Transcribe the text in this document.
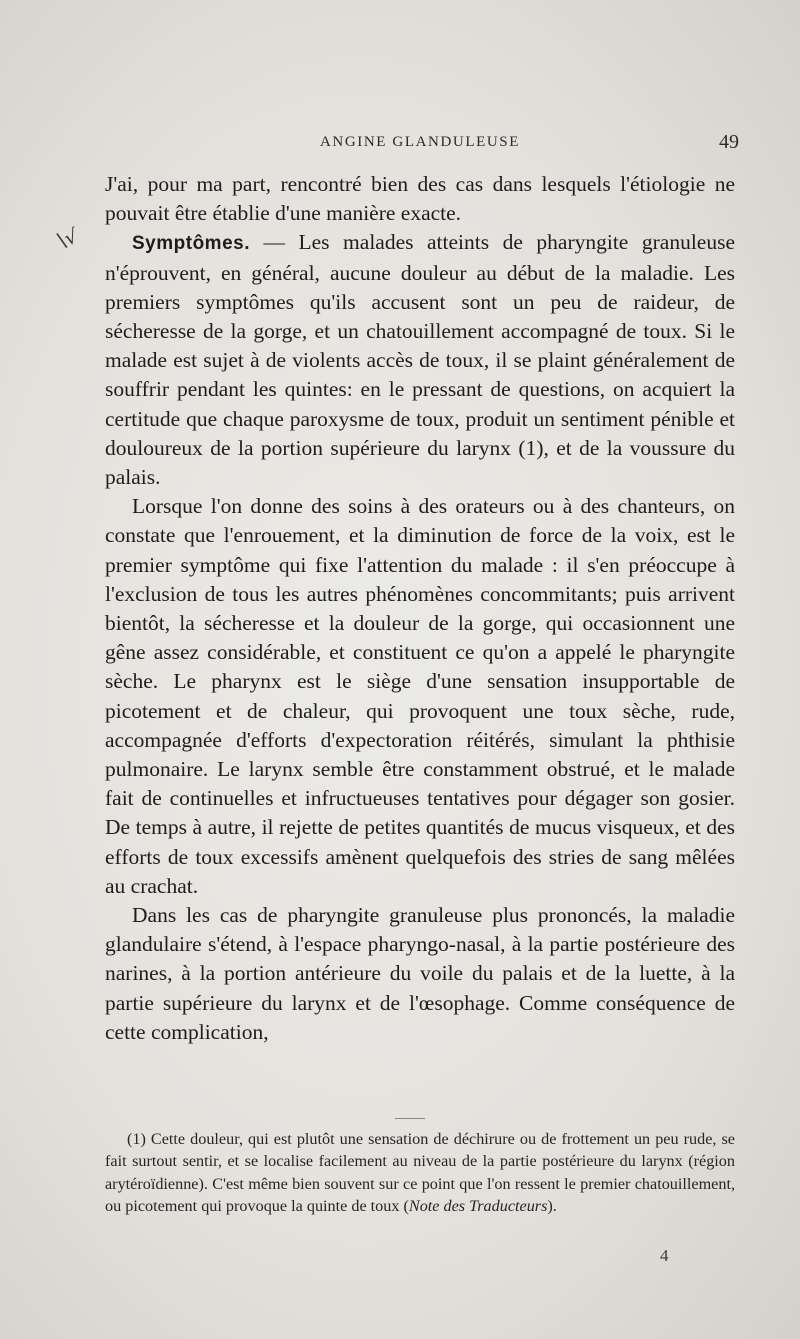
ANGINE GLANDULEUSE	49
\√

J'ai, pour ma part, rencontré bien des cas dans lesquels l'étiologie ne pouvait être établie d'une manière exacte.

Symptômes. — Les malades atteints de pharyngite granuleuse n'éprouvent, en général, aucune douleur au début de la maladie. Les premiers symptômes qu'ils accusent sont un peu de raideur, de sécheresse de la gorge, et un chatouillement accompagné de toux. Si le malade est sujet à de violents accès de toux, il se plaint généralement de souffrir pendant les quintes: en le pressant de questions, on acquiert la certitude que chaque paroxysme de toux, produit un sentiment pénible et douloureux de la portion supérieure du larynx (1), et de la voussure du palais.

Lorsque l'on donne des soins à des orateurs ou à des chanteurs, on constate que l'enrouement, et la diminution de force de la voix, est le premier symptôme qui fixe l'attention du malade : il s'en préoccupe à l'exclusion de tous les autres phénomènes concommitants; puis arrivent bientôt, la sécheresse et la douleur de la gorge, qui occasionnent une gêne assez considérable, et constituent ce qu'on a appelé le pharyngite sèche. Le pharynx est le siège d'une sensation insupportable de picotement et de chaleur, qui provoquent une toux sèche, rude, accompagnée d'efforts d'expectoration réitérés, simulant la phthisie pulmonaire. Le larynx semble être constamment obstrué, et le malade fait de continuelles et infructueuses tentatives pour dégager son gosier. De temps à autre, il rejette de petites quantités de mucus visqueux, et des efforts de toux excessifs amènent quelquefois des stries de sang mêlées au crachat.

Dans les cas de pharyngite granuleuse plus prononcés, la maladie glandulaire s'étend, à l'espace pharyngo-nasal, à la partie postérieure des narines, à la portion antérieure du voile du palais et de la luette, à la partie supérieure du larynx et de l'œsophage. Comme conséquence de cette complication,

(1) Cette douleur, qui est plutôt une sensation de déchirure ou de frottement un peu rude, se fait surtout sentir, et se localise facilement au niveau de la partie postérieure du larynx (région arytéroïdienne). C'est même bien souvent sur ce point que l'on ressent le premier chatouillement, ou picotement qui provoque la quinte de toux (Note des Traducteurs).
4
